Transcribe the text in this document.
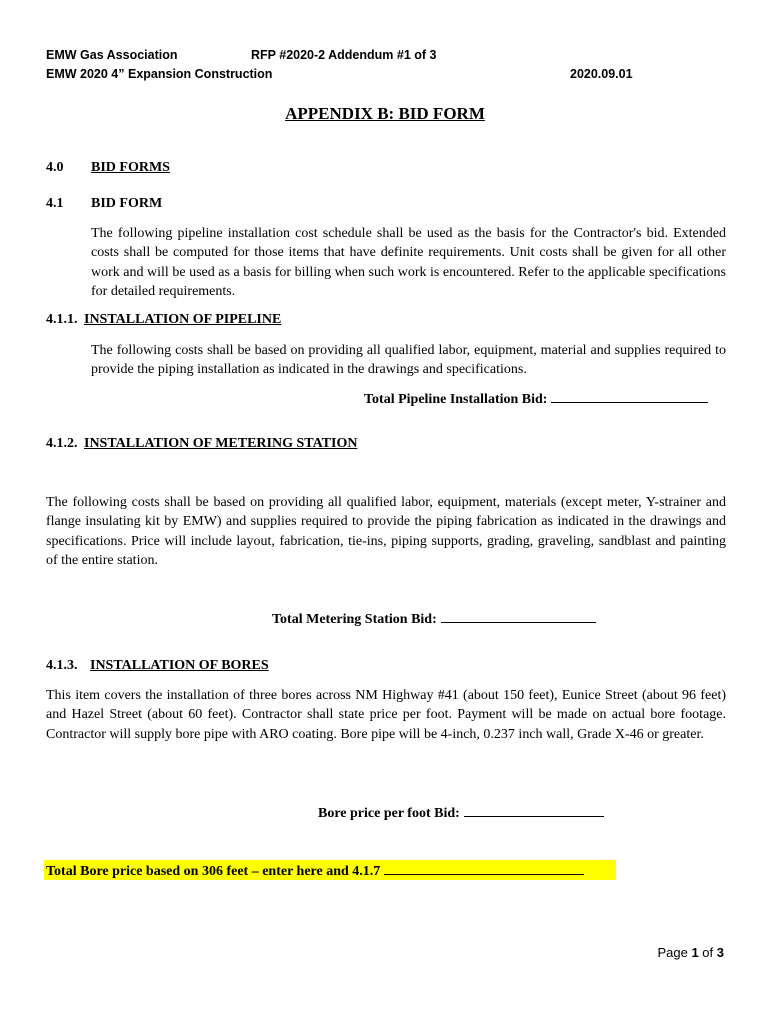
EMW Gas Association	RFP #2020-2 Addendum #1 of 3
EMW 2020 4” Expansion Construction	2020.09.01
APPENDIX B: BID FORM
4.0 BID FORMS
4.1 BID FORM
The following pipeline installation cost schedule shall be used as the basis for the Contractor's bid. Extended costs shall be computed for those items that have definite requirements. Unit costs shall be given for all other work and will be used as a basis for billing when such work is encountered. Refer to the applicable specifications for detailed requirements.
4.1.1. INSTALLATION OF PIPELINE
The following costs shall be based on providing all qualified labor, equipment, material and supplies required to provide the piping installation as indicated in the drawings and specifications.
Total Pipeline Installation Bid:
4.1.2. INSTALLATION OF METERING STATION
The following costs shall be based on providing all qualified labor, equipment, materials (except meter, Y-strainer and flange insulating kit by EMW) and supplies required to provide the piping fabrication as indicated in the drawings and specifications. Price will include layout, fabrication, tie-ins, piping supports, grading, graveling, sandblast and painting of the entire station.
Total Metering Station Bid:
4.1.3. INSTALLATION OF BORES
This item covers the installation of three bores across NM Highway #41 (about 150 feet), Eunice Street (about 96 feet) and Hazel Street (about 60 feet). Contractor shall state price per foot. Payment will be made on actual bore footage. Contractor will supply bore pipe with ARO coating. Bore pipe will be 4-inch, 0.237 inch wall, Grade X-46 or greater.
Bore price per foot Bid:
Total Bore price based on 306 feet – enter here and 4.1.7
Page 1 of 3
